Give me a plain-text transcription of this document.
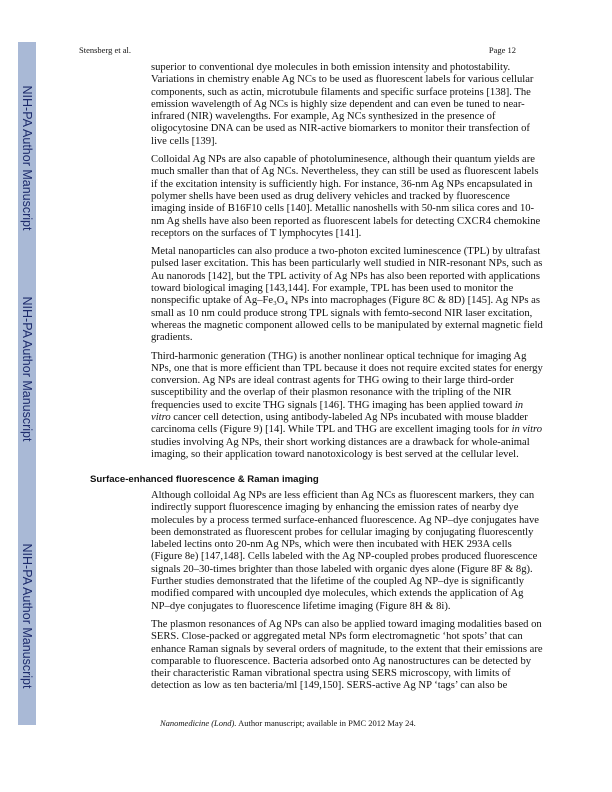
NIH-PA Author Manuscript
NIH-PA Author Manuscript
NIH-PA Author Manuscript
Stensberg et al.	Page 12

superior to conventional dye molecules in both emission intensity and photostability.
Variations in chemistry enable Ag NCs to be used as fluorescent labels for various cellular
components, such as actin, microtubule filaments and specific surface proteins [138]. The
emission wavelength of Ag NCs is highly size dependent and can even be tuned to near-
infrared (NIR) wavelengths. For example, Ag NCs synthesized in the presence of
oligocytosine DNA can be used as NIR-active biomarkers to monitor their transfection of
live cells [139].

Colloidal Ag NPs are also capable of photoluminesence, although their quantum yields are
much smaller than that of Ag NCs. Nevertheless, they can still be used as fluorescent labels
if the excitation intensity is sufficiently high. For instance, 36-nm Ag NPs encapsulated in
polymer shells have been used as drug delivery vehicles and tracked by fluorescence
imaging inside of B16F10 cells [140]. Metallic nanoshells with 50-nm silica cores and 10-
nm Ag shells have also been reported as fluorescent labels for detecting CXCR4 chemokine
receptors on the surfaces of T lymphocytes [141].

Metal nanoparticles can also produce a two-photon excited luminescence (TPL) by ultrafast
pulsed laser excitation. This has been particularly well studied in NIR-resonant NPs, such as
Au nanorods [142], but the TPL activity of Ag NPs has also been reported with applications
toward biological imaging [143,144]. For example, TPL has been used to monitor the
nonspecific uptake of Ag–Fe₃O₄ NPs into macrophages (Figure 8C & 8D) [145]. Ag NPs as
small as 10 nm could produce strong TPL signals with femto-second NIR laser excitation,
whereas the magnetic component allowed cells to be manipulated by external magnetic field
gradients.

Third-harmonic generation (THG) is another nonlinear optical technique for imaging Ag
NPs, one that is more efficient than TPL because it does not require excited states for energy
conversion. Ag NPs are ideal contrast agents for THG owing to their large third-order
susceptibility and the overlap of their plasmon resonance with the tripling of the NIR
frequencies used to excite THG signals [146]. THG imaging has been applied toward in
vitro cancer cell detection, using antibody-labeled Ag NPs incubated with mouse bladder
carcinoma cells (Figure 9) [14]. While TPL and THG are excellent imaging tools for in vitro
studies involving Ag NPs, their short working distances are a drawback for whole-animal
imaging, so their application toward nanotoxicology is best served at the cellular level.

Surface-enhanced fluorescence & Raman imaging

Although colloidal Ag NPs are less efficient than Ag NCs as fluorescent markers, they can
indirectly support fluorescence imaging by enhancing the emission rates of nearby dye
molecules by a process termed surface-enhanced fluorescence. Ag NP–dye conjugates have
been demonstrated as fluorescent probes for cellular imaging by conjugating fluorescently
labeled lectins onto 20-nm Ag NPs, which were then incubated with HEK 293A cells
(Figure 8e) [147,148]. Cells labeled with the Ag NP-coupled probes produced fluorescence
signals 20–30-times brighter than those labeled with organic dyes alone (Figure 8F & 8g).
Further studies demonstrated that the lifetime of the coupled Ag NP–dye is significantly
modified compared with uncoupled dye molecules, which extends the application of Ag
NP–dye conjugates to fluorescence lifetime imaging (Figure 8H & 8i).

The plasmon resonances of Ag NPs can also be applied toward imaging modalities based on
SERS. Close-packed or aggregated metal NPs form electromagnetic ‘hot spots’ that can
enhance Raman signals by several orders of magnitude, to the extent that their emissions are
comparable to fluorescence. Bacteria adsorbed onto Ag nanostructures can be detected by
their characteristic Raman vibrational spectra using SERS microscopy, with limits of
detection as low as ten bacteria/ml [149,150]. SERS-active Ag NP ‘tags’ can also be

Nanomedicine (Lond). Author manuscript; available in PMC 2012 May 24.
